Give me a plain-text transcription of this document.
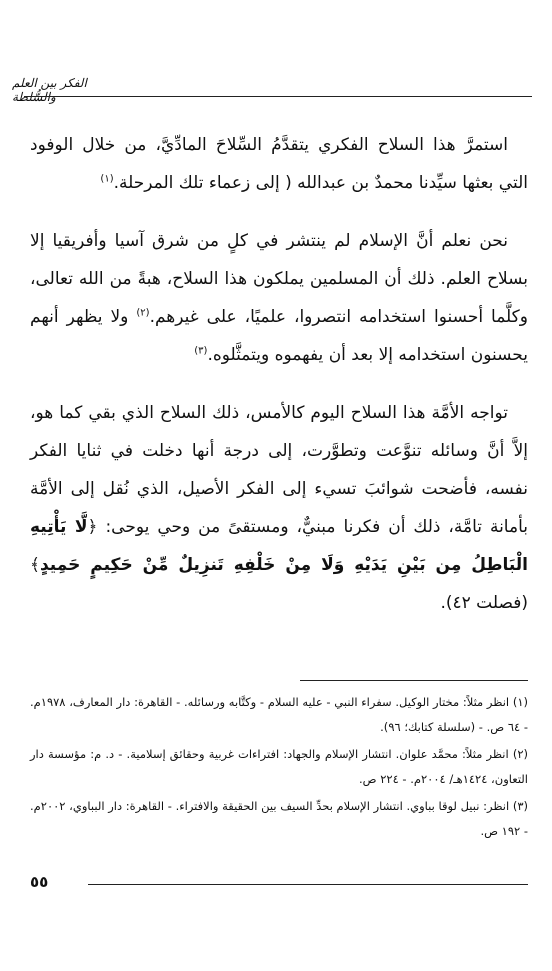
الفكر بين العلم والسُّلطة

استمرَّ هذا السلاح الفكري يتقدَّمُ السِّلاحَ المادِّيَّ، من خلال الوفود التي بعثها سيِّدنا محمدٌ بن عبدالله ( إلى زعماء تلك المرحلة.$^{(١)}$

نحن نعلم أنَّ الإسلام لم ينتشر في كلٍ من شرق آسيا وأفريقيا إلا بسلاح العلم. ذلك أن المسلمين يملكون هذا السلاح، هبةً من الله تعالى، وكلَّما أحسنوا استخدامه انتصروا، علميًا، على غيرهم.$^{(٢)}$ ولا يظهر أنهم يحسنون استخدامه إلا بعد أن يفهموه ويتمثَّلوه.$^{(٣)}$

تواجه الأمَّة هذا السلاح اليوم كالأمس، ذلك السلاح الذي بقي كما هو، إلاَّ أنَّ وسائله تنوَّعت وتطوَّرت، إلى درجة أنها دخلت في ثنايا الفكر نفسه، فأضحت شوائبَ تسيء إلى الفكر الأصيل، الذي نُقل إلى الأمَّة بأمانة تامَّة، ذلك أن فكرنا مبنيٌّ، ومستقىً من وحي يوحى: ﴿لَّا يَأْتِيهِ الْبَاطِلُ مِن بَيْنِ يَدَيْهِ وَلَا مِنْ خَلْفِهِ تَنزِيلٌ مِّنْ حَكِيمٍ حَمِيدٍ﴾ (فصلت ٤٢).

(١) انظر مثلاً: مختار الوكيل. سفراء النبي - عليه السلام - وكتَّابه ورسائله. - القاهرة: دار المعارف، ١٩٧٨م. - ٦٤ ص. - (سلسلة كتابك؛ ٩٦).

(٢) انظر مثلاً: محمَّد علوان. انتشار الإسلام والجهاد: افتراءات غربية وحقائق إسلامية. - د. م: مؤسسة دار التعاون، ١٤٢٤هـ/ ٢٠٠٤م. - ٢٢٤ ص.

(٣) انظر: نبيل لوقا بباوي. انتشار الإسلام بحدِّ السيف بين الحقيقة والافتراء. - القاهرة: دار البباوي، ٢٠٠٢م. - ١٩٢ ص.

٥٥
